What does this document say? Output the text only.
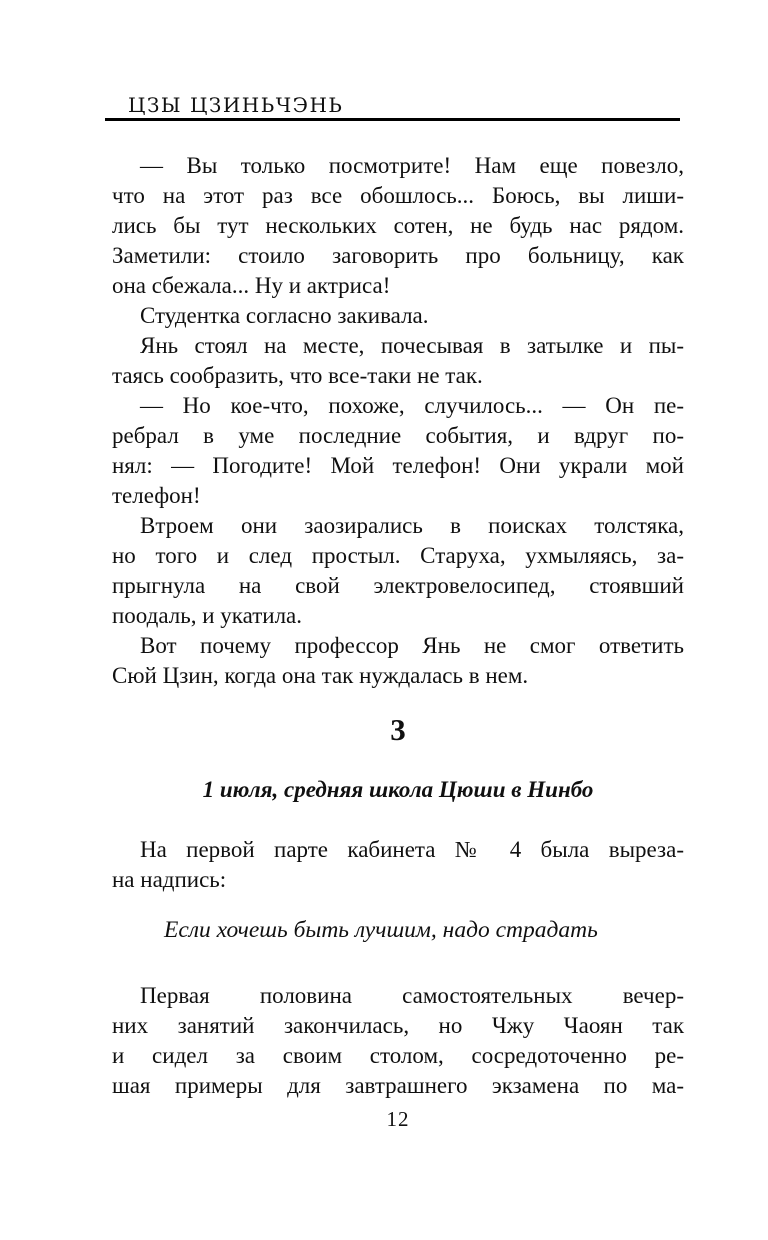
ЦЗЫ ЦЗИНЬЧЭНЬ
— Вы только посмотрите! Нам еще повезло,
что на этот раз все обошлось... Боюсь, вы лиши-
лись бы тут нескольких сотен, не будь нас рядом.
Заметили: стоило заговорить про больницу, как
она сбежала... Ну и актриса!
Студентка согласно закивала.
Янь стоял на месте, почесывая в затылке и пы-
таясь сообразить, что все-таки не так.
— Но кое-что, похоже, случилось... — Он пе-
ребрал в уме последние события, и вдруг по-
нял: — Погодите! Мой телефон! Они украли мой
телефон!
Втроем они заозирались в поисках толстяка,
но того и след простыл. Старуха, ухмыляясь, за-
прыгнула на свой электровелосипед, стоявший
поодаль, и укатила.
Вот почему профессор Янь не смог ответить
Сюй Цзин, когда она так нуждалась в нем.
3
1 июля, средняя школа Цюши в Нинбо
На первой парте кабинета № 4 была выреза-
на надпись:
Если хочешь быть лучшим, надо страдать
Первая половина самостоятельных вечер-
них занятий закончилась, но Чжу Чаоян так
и сидел за своим столом, сосредоточенно ре-
шая примеры для завтрашнего экзамена по ма-
12
